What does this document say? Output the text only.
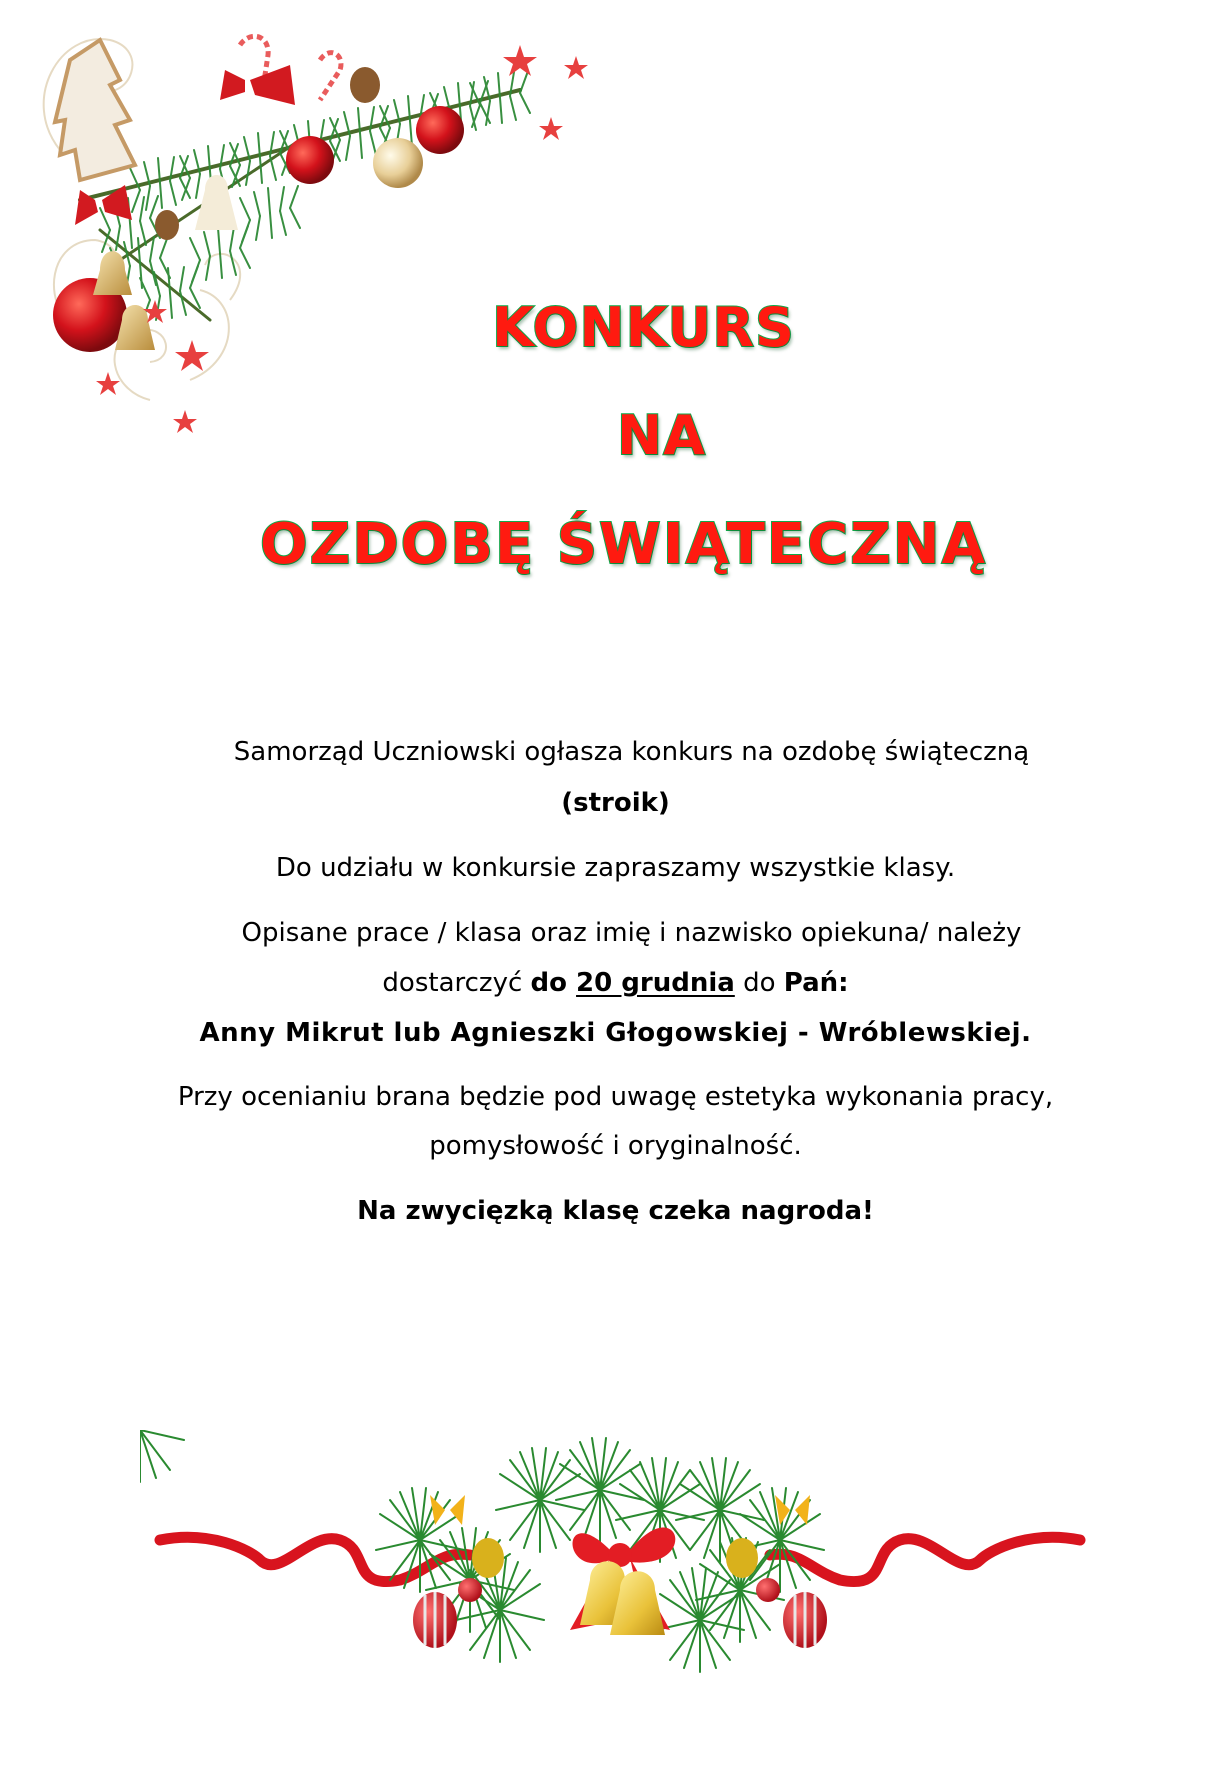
KONKURS
NA
OZDOBĘ ŚWIĄTECZNĄ
Samorząd Uczniowski ogłasza konkurs na ozdobę świąteczną
(stroik)
Do udziału w konkursie zapraszamy wszystkie klasy.
Opisane prace / klasa oraz imię i nazwisko opiekuna/ należy
dostarczyć do 20 grudnia do Pań:
Anny Mikrut lub Agnieszki Głogowskiej - Wróblewskiej.
Przy ocenianiu brana będzie pod uwagę estetyka wykonania pracy,
pomysłowość i oryginalność.
Na zwycięzką klasę czeka nagroda!
